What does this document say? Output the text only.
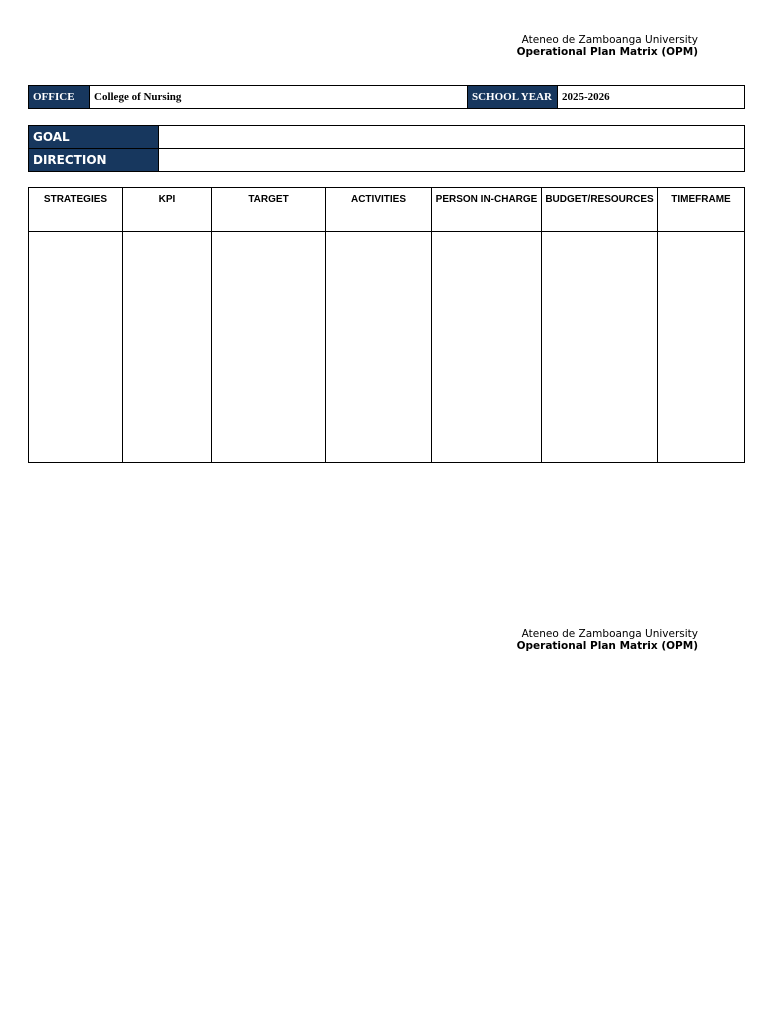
Ateneo de Zamboanga University
Operational Plan Matrix (OPM)
OFFICE	College of Nursing	SCHOOL YEAR	2025-2026
GOAL	
DIRECTION	
STRATEGIES	KPI	TARGET	ACTIVITIES	PERSON IN-CHARGE	BUDGET/RESOURCES	TIMEFRAME

Ateneo de Zamboanga University
Operational Plan Matrix (OPM)
